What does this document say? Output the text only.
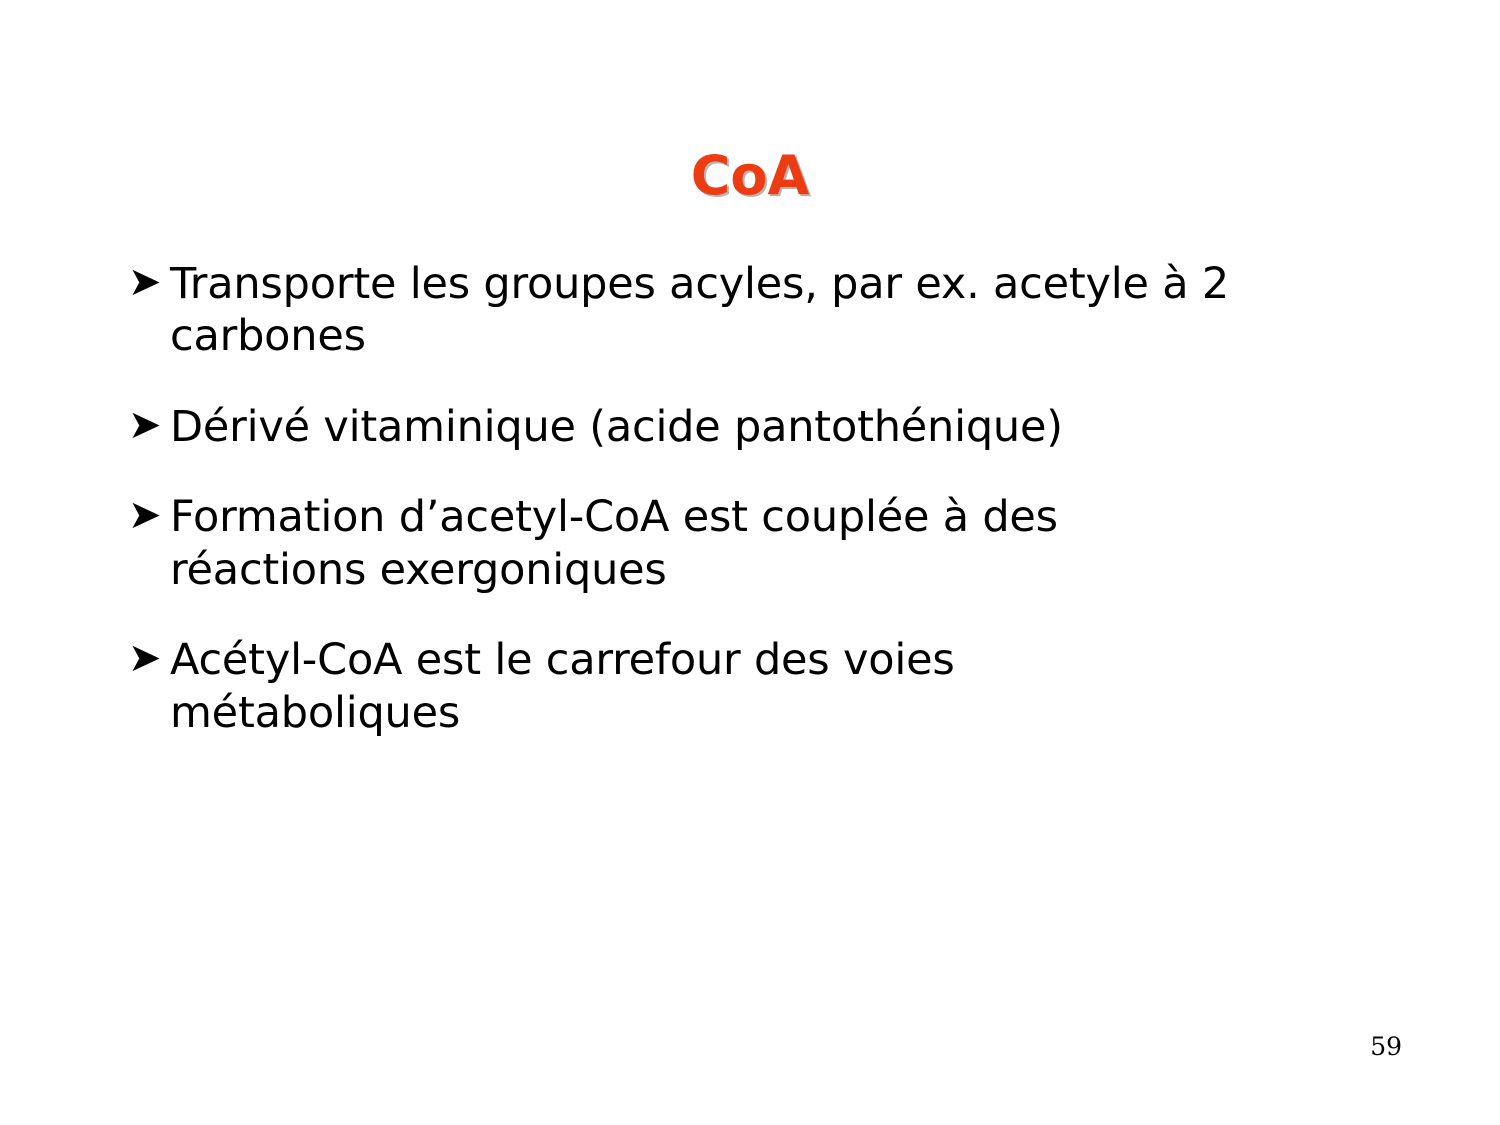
CoA
➤ Transporte les groupes acyles, par ex. acetyle à 2 carbones
➤ Dérivé vitaminique (acide pantothénique)
➤ Formation d’acetyl-CoA est couplée à des réactions exergoniques
➤ Acétyl-CoA est le carrefour des voies métaboliques
59
